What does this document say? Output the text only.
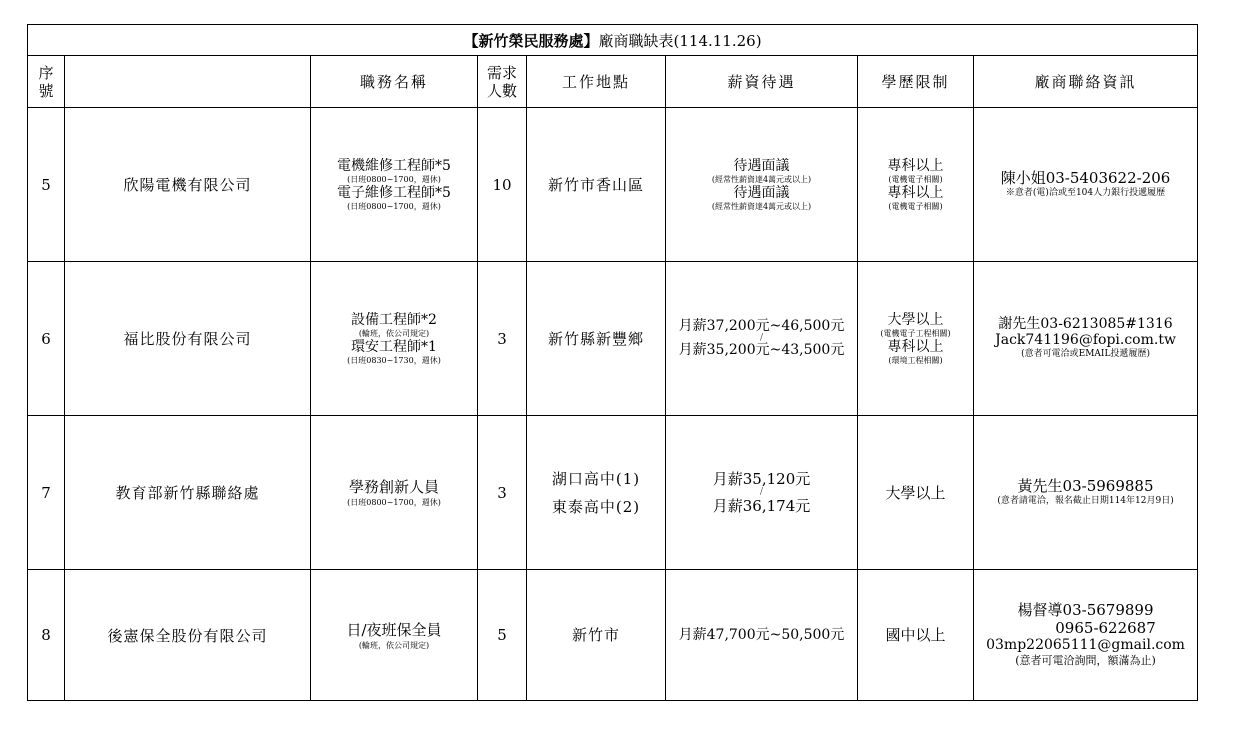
【新竹榮民服務處】廠商職缺表(114.11.26)							
序號		職務名稱	需求人數	工作地點	薪資待遇	學歷限制	廠商聯絡資訊
5	欣陽電機有限公司	電機維修工程師*5
(日班0800~1700，週休)
電子維修工程師*5
(日班0800~1700，週休)	10	新竹市香山區	待遇面議
(經常性薪資達4萬元或以上)
待遇面議
(經常性薪資達4萬元或以上)	專科以上
(電機電子相關)
專科以上
(電機電子相關)	陳小姐03-5403622-206
※意者(電)洽或至104人力銀行投遞履歷

6	福比股份有限公司	設備工程師*2
(輪班，依公司規定)
環安工程師*1
(日班0830~1730，週休)	3	新竹縣新豐鄉	月薪37,200元~46,500元
/
月薪35,200元~43,500元	大學以上
(電機電子工程相關)
專科以上
(環境工程相關)	謝先生03-6213085#1316
Jack741196@fopi.com.tw
(意者可電洽或EMAIL投遞履歷)

7	教育部新竹縣聯絡處	學務創新人員
(日班0800~1700，週休)	3	湖口高中(1)
東泰高中(2)	月薪35,120元
/
月薪36,174元	大學以上	黃先生03-5969885
(意者請電洽，報名截止日期114年12月9日)

8	後憲保全股份有限公司	日/夜班保全員
(輪班，依公司規定)	5	新竹市	月薪47,700元~50,500元	國中以上	楊督導03-5679899
0965-622687
03mp22065111@gmail.com
(意者可電洽詢問，額滿為止)
